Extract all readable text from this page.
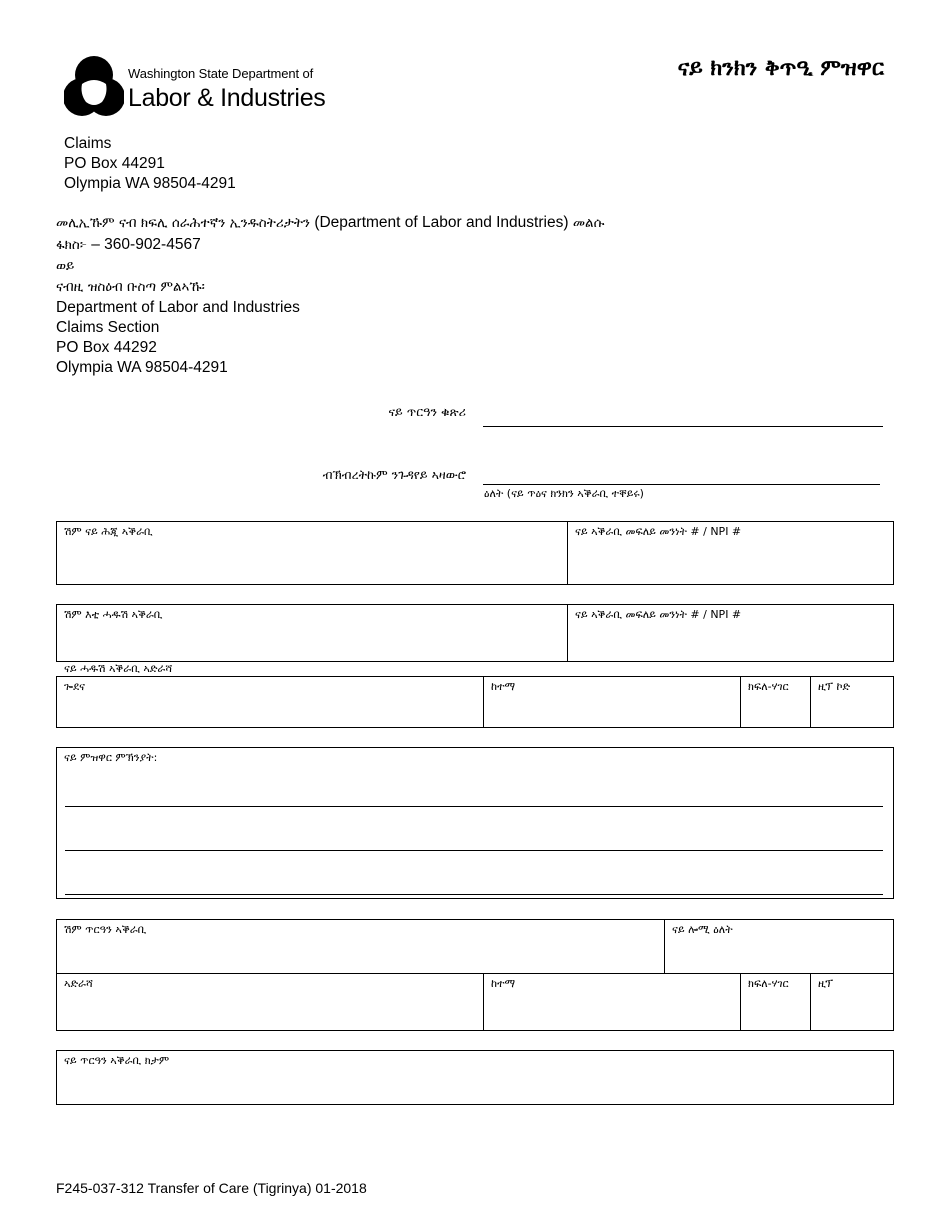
Washington State Department of
Labor & Industries
ናይ ክንክን ቅጥዒ ምዝዋር
Claims
PO Box 44291
Olympia WA 98504-4291
መሊኢኹም ናብ ክፍሊ ሰራሕተኛን ኢንዱስትሪታትን (Department of Labor and Industries) መልሱ
ፋክስ፦ – 360-902-4567
ወይ
ናብዚ ዝስዕብ ቡስጣ ምልኣኹ፡
Department of Labor and Industries
Claims Section
PO Box 44292
Olympia WA 98504-4291
ናይ ጥርዓን ቁጽሪ
ብኽብረትኩም ንጉዳየይ ኣዛውሮ
ዕለት (ናይ ጥዕና ክንክን ኣቕራቢ ተቐይሩ)
ሽም ናይ ሕጂ ኣቕራቢ	ናይ ኣቕራቢ መፍለይ መንነት # / NPI #
ሽም እቲ ሓዱሽ ኣቕራቢ	ናይ ኣቕራቢ መፍለይ መንነት # / NPI #
ናይ ሓዱሽ ኣቕራቢ ኣድራሻ
ጐደና	ከተማ	ክፍለ-ሃገር	ዚፕ ኮድ
ናይ ምዝዋር ምኽንያት:
ሽም ጥርዓን ኣቕራቢ	ናይ ሎሚ ዕለት
ኣድራሻ	ከተማ	ክፍለ-ሃገር	ዚፕ
ናይ ጥርዓን ኣቕራቢ ክታም
F245-037-312 Transfer of Care (Tigrinya) 01-2018
